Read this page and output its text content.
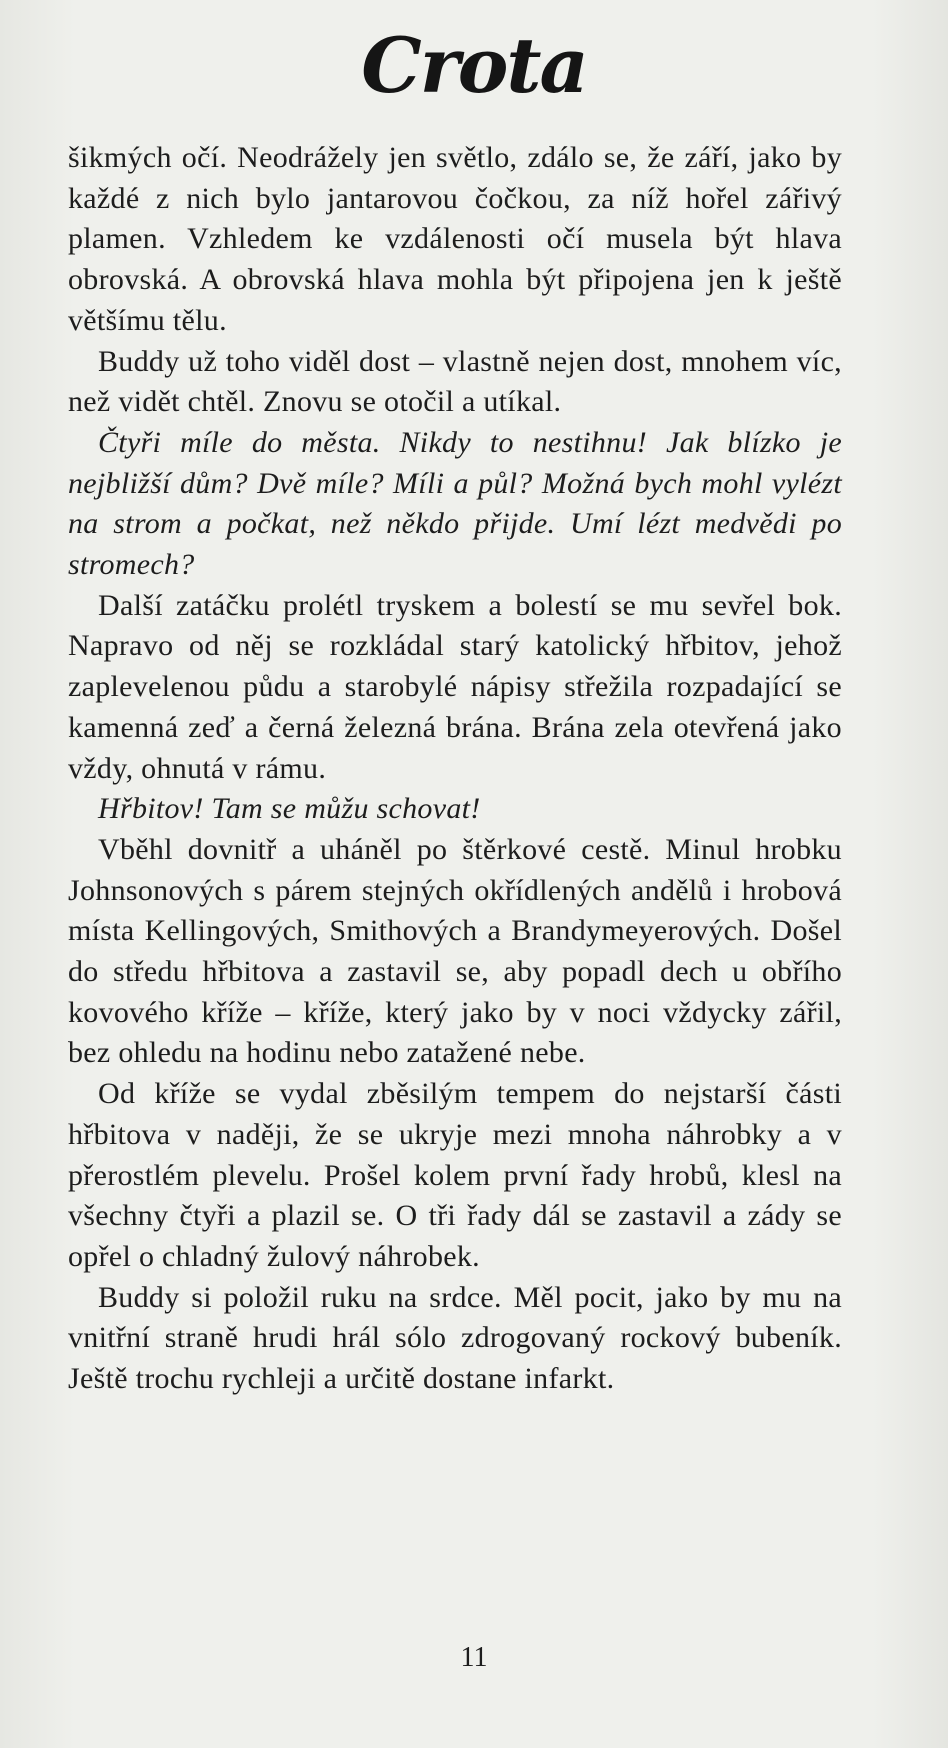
Crota

šikmých očí. Neodrážely jen světlo, zdálo se, že září, jako by každé z nich bylo jantarovou čočkou, za níž hořel zářivý plamen. Vzhledem ke vzdálenosti očí musela být hlava obrovská. A obrovská hlava mohla být připojena jen k ještě většímu tělu.

Buddy už toho viděl dost – vlastně nejen dost, mnohem víc, než vidět chtěl. Znovu se otočil a utíkal.

Čtyři míle do města. Nikdy to nestihnu! Jak blízko je nejbližší dům? Dvě míle? Míli a půl? Možná bych mohl vylézt na strom a počkat, než někdo přijde. Umí lézt medvědi po stromech?

Další zatáčku prolétl tryskem a bolestí se mu sevřel bok. Napravo od něj se rozkládal starý katolický hřbitov, jehož zaplevelenou půdu a starobylé nápisy střežila rozpadající se kamenná zeď a černá železná brána. Brána zela otevřená jako vždy, ohnutá v rámu.

Hřbitov! Tam se můžu schovat!

Vběhl dovnitř a uháněl po štěrkové cestě. Minul hrobku Johnsonových s párem stejných okřídlených andělů i hrobová místa Kellingových, Smithových a Brandymeyerových. Došel do středu hřbitova a zastavil se, aby popadl dech u obřího kovového kříže – kříže, který jako by v noci vždycky zářil, bez ohledu na hodinu nebo zatažené nebe.

Od kříže se vydal zběsilým tempem do nejstarší části hřbitova v naději, že se ukryje mezi mnoha náhrobky a v přerostlém plevelu. Prošel kolem první řady hrobů, klesl na všechny čtyři a plazil se. O tři řady dál se zastavil a zády se opřel o chladný žulový náhrobek.

Buddy si položil ruku na srdce. Měl pocit, jako by mu na vnitřní straně hrudi hrál sólo zdrogovaný rockový bubeník. Ještě trochu rychleji a určitě dostane infarkt.

11
